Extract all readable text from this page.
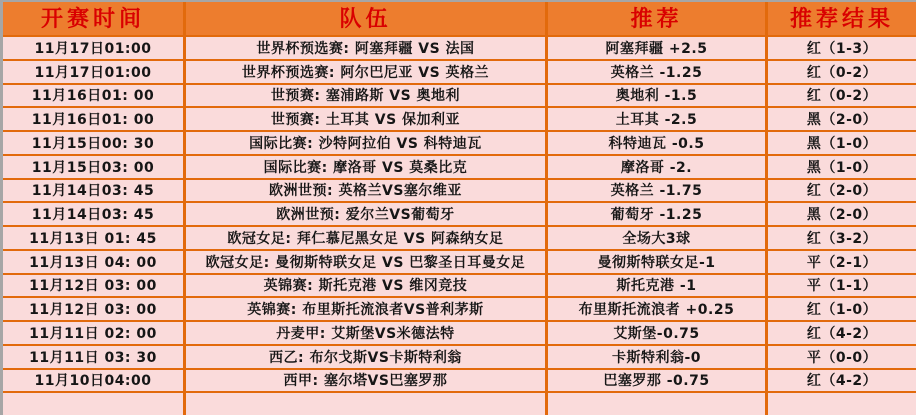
开赛时间	队伍	推荐	推荐结果
11月17日01:00	世界杯预选赛: 阿塞拜疆 VS 法国	阿塞拜疆 +2.5	红（1-3）
11月17日01:00	世界杯预选赛: 阿尔巴尼亚 VS 英格兰	英格兰 -1.25	红（0-2）
11月16日01: 00	世预赛: 塞浦路斯 VS 奥地利	奥地利 -1.5	红（0-2）
11月16日01: 00	世预赛: 土耳其 VS 保加利亚	土耳其 -2.5	黑（2-0）
11月15日00: 30	国际比赛: 沙特阿拉伯 VS 科特迪瓦	科特迪瓦 -0.5	黑（1-0）
11月15日03: 00	国际比赛: 摩洛哥 VS 莫桑比克	摩洛哥 -2.	黑（1-0）
11月14日03: 45	欧洲世预: 英格兰VS塞尔维亚	英格兰 -1.75	红（2-0）
11月14日03: 45	欧洲世预: 爱尔兰VS葡萄牙	葡萄牙 -1.25	黑（2-0）
11月13日 01: 45	欧冠女足: 拜仁慕尼黑女足 VS 阿森纳女足	全场大3球	红（3-2）
11月13日 04: 00	欧冠女足: 曼彻斯特联女足 VS 巴黎圣日耳曼女足	曼彻斯特联女足-1	平（2-1）
11月12日 03: 00	英锦赛: 斯托克港 VS 维冈竞技	斯托克港 -1	平（1-1）
11月12日 03: 00	英锦赛: 布里斯托流浪者VS普利茅斯	布里斯托流浪者 +0.25	红（1-0）
11月11日 02: 00	丹麦甲: 艾斯堡VS米德法特	艾斯堡-0.75	红（4-2）
11月11日 03: 30	西乙: 布尔戈斯VS卡斯特利翁	卡斯特利翁-0	平（0-0）
11月10日04:00	西甲: 塞尔塔VS巴塞罗那	巴塞罗那 -0.75	红（4-2）
